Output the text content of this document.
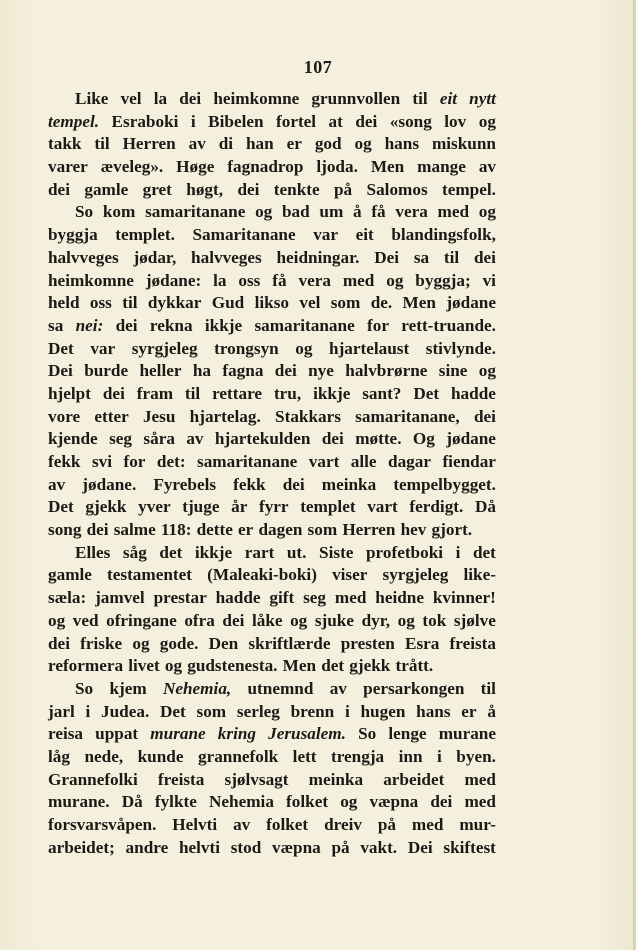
107
Like vel la dei heimkomne grunnvollen til eit nytt
tempel. Esraboki i Bibelen fortel at dei «song lov og
takk til Herren av di han er god og hans miskunn
varer æveleg». Høge fagnadrop ljoda. Men mange av
dei gamle gret høgt, dei tenkte på Salomos tempel.
So kom samaritanane og bad um å få vera med og
byggja templet. Samaritanane var eit blandingsfolk,
halvveges jødar, halvveges heidningar. Dei sa til dei
heimkomne jødane: la oss få vera med og byggja; vi
held oss til dykkar Gud likso vel som de. Men jødane
sa nei: dei rekna ikkje samaritanane for rett-truande.
Det var syrgjeleg trongsyn og hjartelaust stivlynde.
Dei burde heller ha fagna dei nye halvbrørne sine og
hjelpt dei fram til rettare tru, ikkje sant? Det hadde
vore etter Jesu hjartelag. Stakkars samaritanane, dei
kjende seg såra av hjartekulden dei møtte. Og jødane
fekk svi for det: samaritanane vart alle dagar fiendar
av jødane. Fyrebels fekk dei meinka tempelbygget.
Det gjekk yver tjuge år fyrr templet vart ferdigt. Då
song dei salme 118: dette er dagen som Herren hev gjort.
Elles såg det ikkje rart ut. Siste profetboki i det
gamle testamentet (Maleaki-boki) viser syrgjeleg like-
sæla: jamvel prestar hadde gift seg med heidne kvinner!
og ved ofringane ofra dei låke og sjuke dyr, og tok sjølve
dei friske og gode. Den skriftlærde presten Esra freista
reformera livet og gudstenesta. Men det gjekk trått.
So kjem Nehemia, utnemnd av persarkongen til
jarl i Judea. Det som serleg brenn i hugen hans er å
reisa uppat murane kring Jerusalem. So lenge murane
låg nede, kunde grannefolk lett trengja inn i byen.
Grannefolki freista sjølvsagt meinka arbeidet med
murane. Då fylkte Nehemia folket og væpna dei med
forsvarsvåpen. Helvti av folket dreiv på med mur-
arbeidet; andre helvti stod væpna på vakt. Dei skiftest
